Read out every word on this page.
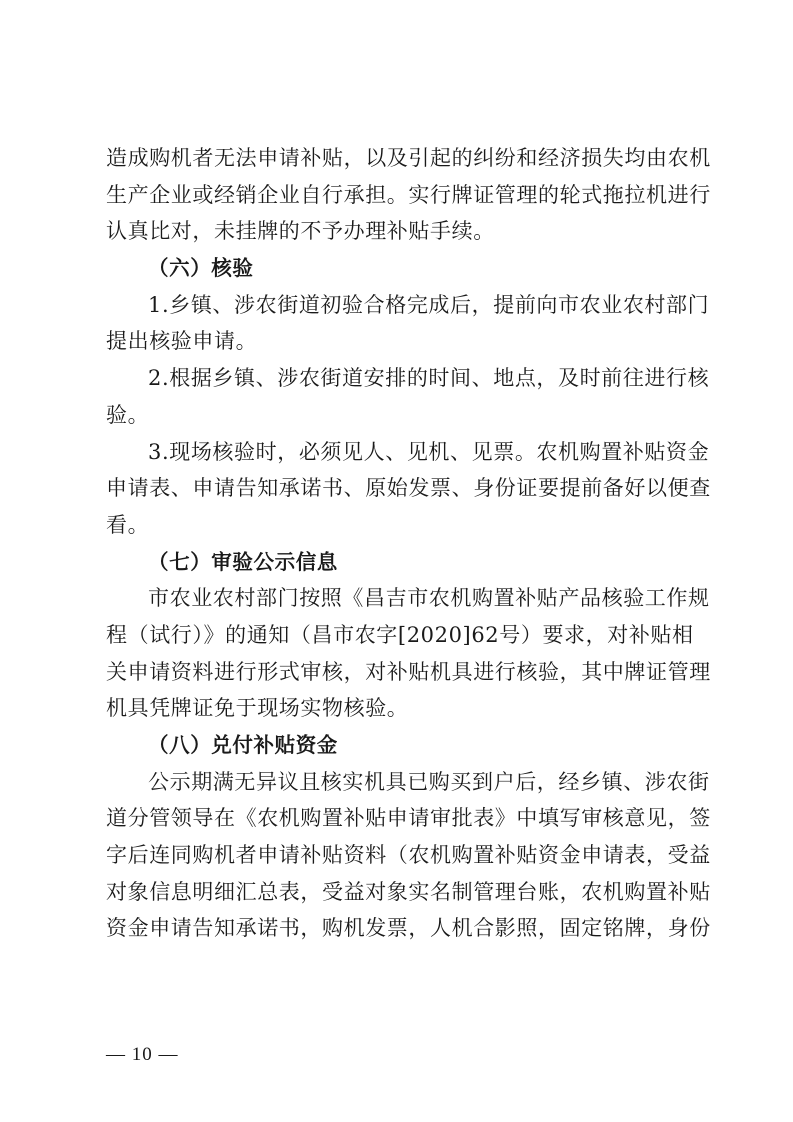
造成购机者无法申请补贴，以及引起的纠纷和经济损失均由农机
生产企业或经销企业自行承担。实行牌证管理的轮式拖拉机进行
认真比对，未挂牌的不予办理补贴手续。
（六）核验
1.乡镇、涉农街道初验合格完成后，提前向市农业农村部门
提出核验申请。
2.根据乡镇、涉农街道安排的时间、地点，及时前往进行核
验。
3.现场核验时，必须见人、见机、见票。农机购置补贴资金
申请表、申请告知承诺书、原始发票、身份证要提前备好以便查
看。
（七）审验公示信息
市农业农村部门按照《昌吉市农机购置补贴产品核验工作规
程（试行）》的通知（昌市农字[2020]62号）要求，对补贴相
关申请资料进行形式审核，对补贴机具进行核验，其中牌证管理
机具凭牌证免于现场实物核验。
（八）兑付补贴资金
公示期满无异议且核实机具已购买到户后，经乡镇、涉农街
道分管领导在《农机购置补贴申请审批表》中填写审核意见，签
字后连同购机者申请补贴资料（农机购置补贴资金申请表，受益
对象信息明细汇总表，受益对象实名制管理台账，农机购置补贴
资金申请告知承诺书，购机发票，人机合影照，固定铭牌，身份
— 10 —
